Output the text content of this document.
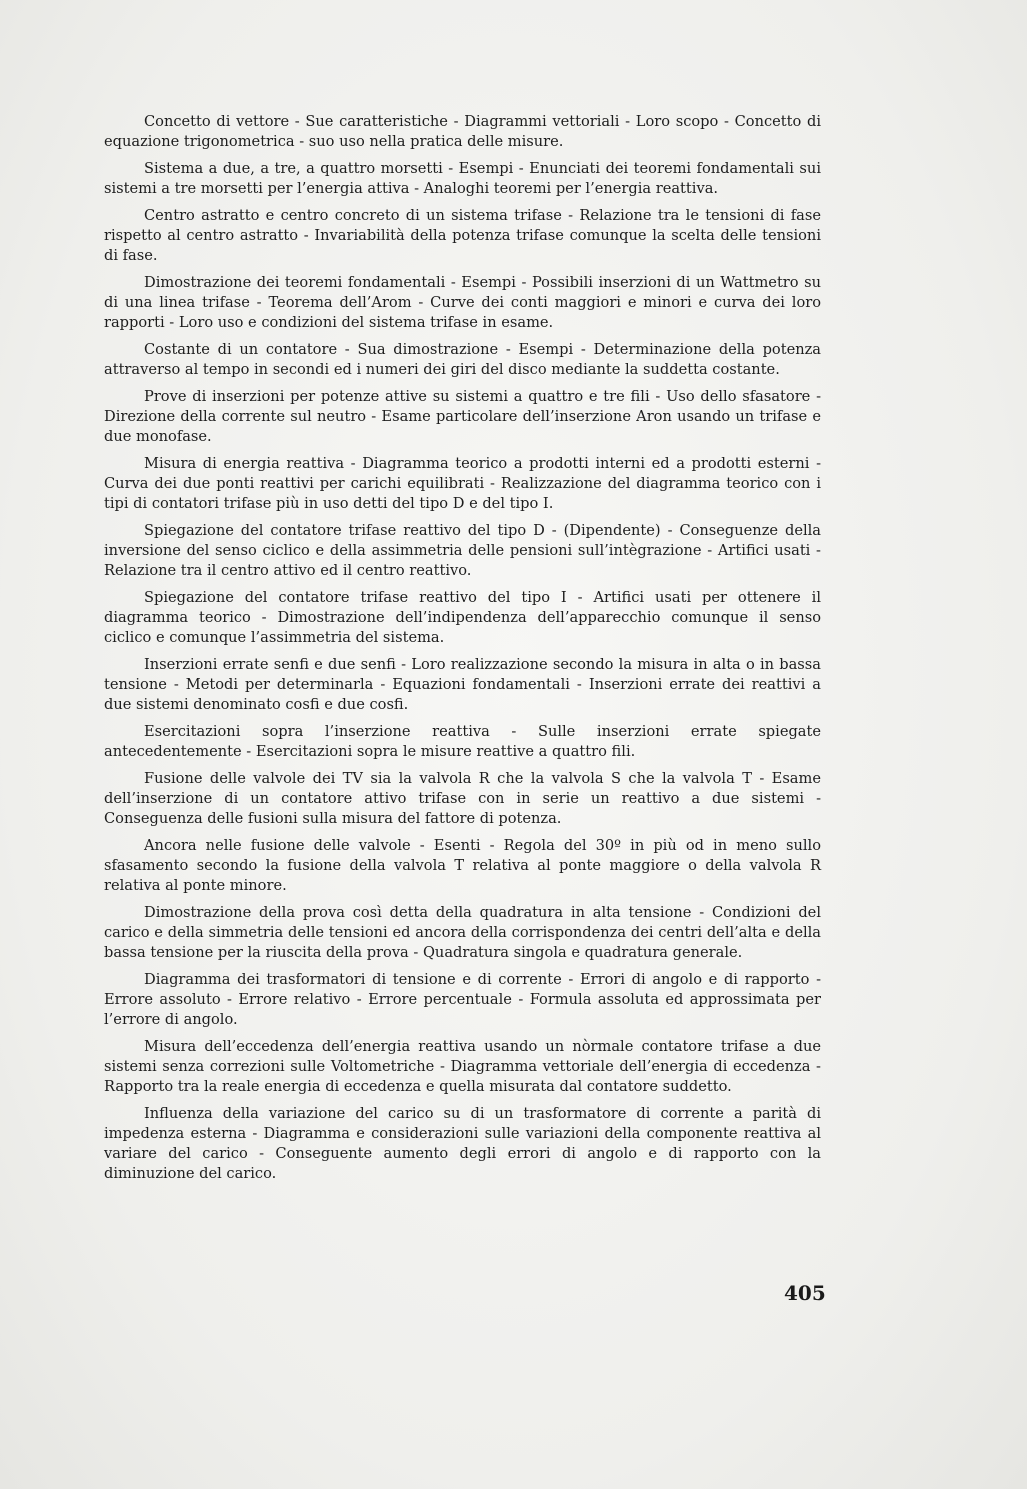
Concetto di vettore - Sue caratteristiche - Diagrammi vettoriali - Loro scopo - Concetto di equazione trigonometrica - suo uso nella pratica delle misure.

Sistema a due, a tre, a quattro morsetti - Esempi - Enunciati dei teoremi fondamentali sui sistemi a tre morsetti per l’energia attiva - Analoghi teoremi per l’energia reattiva.

Centro astratto e centro concreto di un sistema trifase - Relazione tra le tensioni di fase rispetto al centro astratto - Invariabilità della potenza trifase comunque la scelta delle tensioni di fase.

Dimostrazione dei teoremi fondamentali - Esempi - Possibili inserzioni di un Wattmetro su di una linea trifase - Teorema dell’Arom - Curve dei conti maggiori e minori e curva dei loro rapporti - Loro uso e condizioni del sistema trifase in esame.

Costante di un contatore - Sua dimostrazione - Esempi - Determinazione della potenza attraverso al tempo in secondi ed i numeri dei giri del disco mediante la suddetta costante.

Prove di inserzioni per potenze attive su sistemi a quattro e tre fili - Uso dello sfasatore - Direzione della corrente sul neutro - Esame particolare dell’inserzione Aron usando un trifase e due monofase.

Misura di energia reattiva - Diagramma teorico a prodotti interni ed a prodotti esterni - Curva dei due ponti reattivi per carichi equilibrati - Realizzazione del diagramma teorico con i tipi di contatori trifase più in uso detti del tipo D e del tipo I.

Spiegazione del contatore trifase reattivo del tipo D - (Dipendente) - Conseguenze della inversione del senso ciclico e della assimmetria delle pensioni sull’intègrazione - Artifici usati - Relazione tra il centro attivo ed il centro reattivo.

Spiegazione del contatore trifase reattivo del tipo I - Artifici usati per ottenere il diagramma teorico - Dimostrazione dell’indipendenza dell’apparecchio comunque il senso ciclico e comunque l’assimmetria del sistema.

Inserzioni errate senfi e due senfi - Loro realizzazione secondo la misura in alta o in bassa tensione - Metodi per determinarla - Equazioni fondamentali - Inserzioni errate dei reattivi a due sistemi denominato cosfi e due cosfi.

Esercitazioni sopra l’inserzione reattiva - Sulle inserzioni errate spiegate antecedentemente - Esercitazioni sopra le misure reattive a quattro fili.

Fusione delle valvole dei TV sia la valvola R che la valvola S che la valvola T - Esame dell’inserzione di un contatore attivo trifase con in serie un reattivo a due sistemi - Conseguenza delle fusioni sulla misura del fattore di potenza.

Ancora nelle fusione delle valvole - Esenti - Regola del 30º in più od in meno sullo sfasamento secondo la fusione della valvola T relativa al ponte maggiore o della valvola R relativa al ponte minore.

Dimostrazione della prova così detta della quadratura in alta tensione - Condizioni del carico e della simmetria delle tensioni ed ancora della corrispondenza dei centri dell’alta e della bassa tensione per la riuscita della prova - Quadratura singola e quadratura generale.

Diagramma dei trasformatori di tensione e di corrente - Errori di angolo e di rapporto - Errore assoluto - Errore relativo - Errore percentuale - Formula assoluta ed approssimata per l’errore di angolo.

Misura dell’eccedenza dell’energia reattiva usando un nòrmale contatore trifase a due sistemi senza correzioni sulle Voltometriche - Diagramma vettoriale dell’energia di eccedenza - Rapporto tra la reale energia di eccedenza e quella misurata dal contatore suddetto.

Influenza della variazione del carico su di un trasformatore di corrente a parità di impedenza esterna - Diagramma e considerazioni sulle variazioni della componente reattiva al variare del carico - Conseguente aumento degli errori di angolo e di rapporto con la diminuzione del carico.

405
